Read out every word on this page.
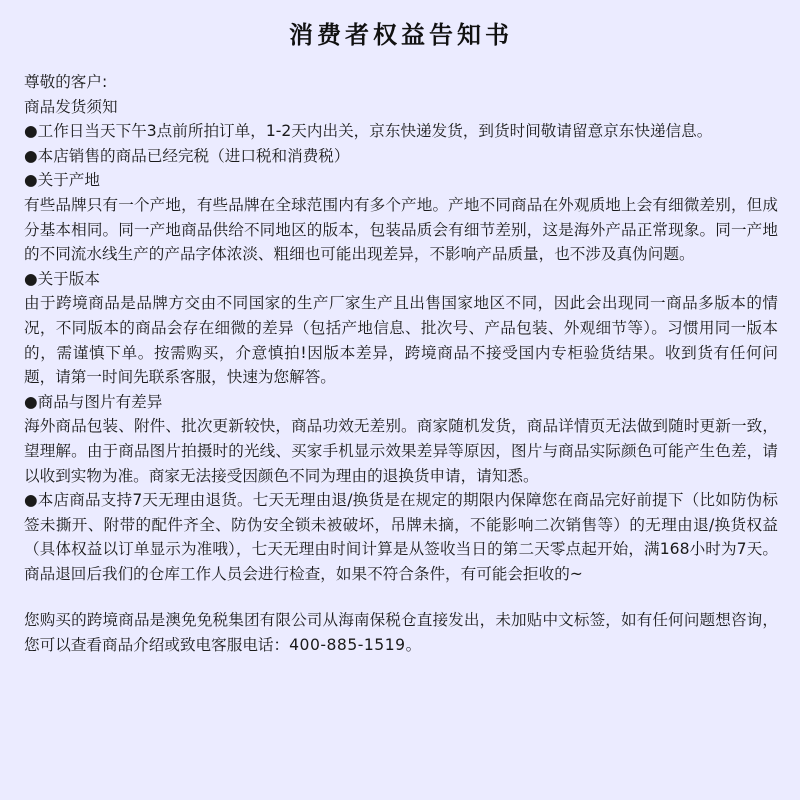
消费者权益告知书

尊敬的客户:

商品发货须知

●工作日当天下午3点前所拍订单，1-2天内出关，京东快递发货，到货时间敬请留意京东快递信息。

●本店销售的商品已经完税（进口税和消费税）

●关于产地

有些品牌只有一个产地，有些品牌在全球范围内有多个产地。产地不同商品在外观质地上会有细微差别，但成分基本相同。同一产地商品供给不同地区的版本，包装品质会有细节差别，这是海外产品正常现象。同一产地的不同流水线生产的产品字体浓淡、粗细也可能出现差异，不影响产品质量，也不涉及真伪问题。

●关于版本

由于跨境商品是品牌方交由不同国家的生产厂家生产且出售国家地区不同，因此会出现同一商品多版本的情况，不同版本的商品会存在细微的差异（包括产地信息、批次号、产品包装、外观细节等）。习惯用同一版本的，需谨慎下单。按需购买，介意慎拍!因版本差异，跨境商品不接受国内专柜验货结果。收到货有任何问题，请第一时间先联系客服，快速为您解答。

●商品与图片有差异

海外商品包装、附件、批次更新较快，商品功效无差别。商家随机发货，商品详情页无法做到随时更新一致，望理解。由于商品图片拍摄时的光线、买家手机显示效果差异等原因，图片与商品实际颜色可能产生色差，请以收到实物为准。商家无法接受因颜色不同为理由的退换货申请，请知悉。

●本店商品支持7天无理由退货。七天无理由退/换货是在规定的期限内保障您在商品完好前提下（比如防伪标签未撕开、附带的配件齐全、防伪安全锁未被破坏，吊牌未摘，不能影响二次销售等）的无理由退/换货权益（具体权益以订单显示为准哦），七天无理由时间计算是从签收当日的第二天零点起开始，满168小时为7天。商品退回后我们的仓库工作人员会进行检查，如果不符合条件，有可能会拒收的~

您购买的跨境商品是澳免免税集团有限公司从海南保税仓直接发出，未加贴中文标签，如有任何问题想咨询，您可以查看商品介绍或致电客服电话：400-885-1519。
